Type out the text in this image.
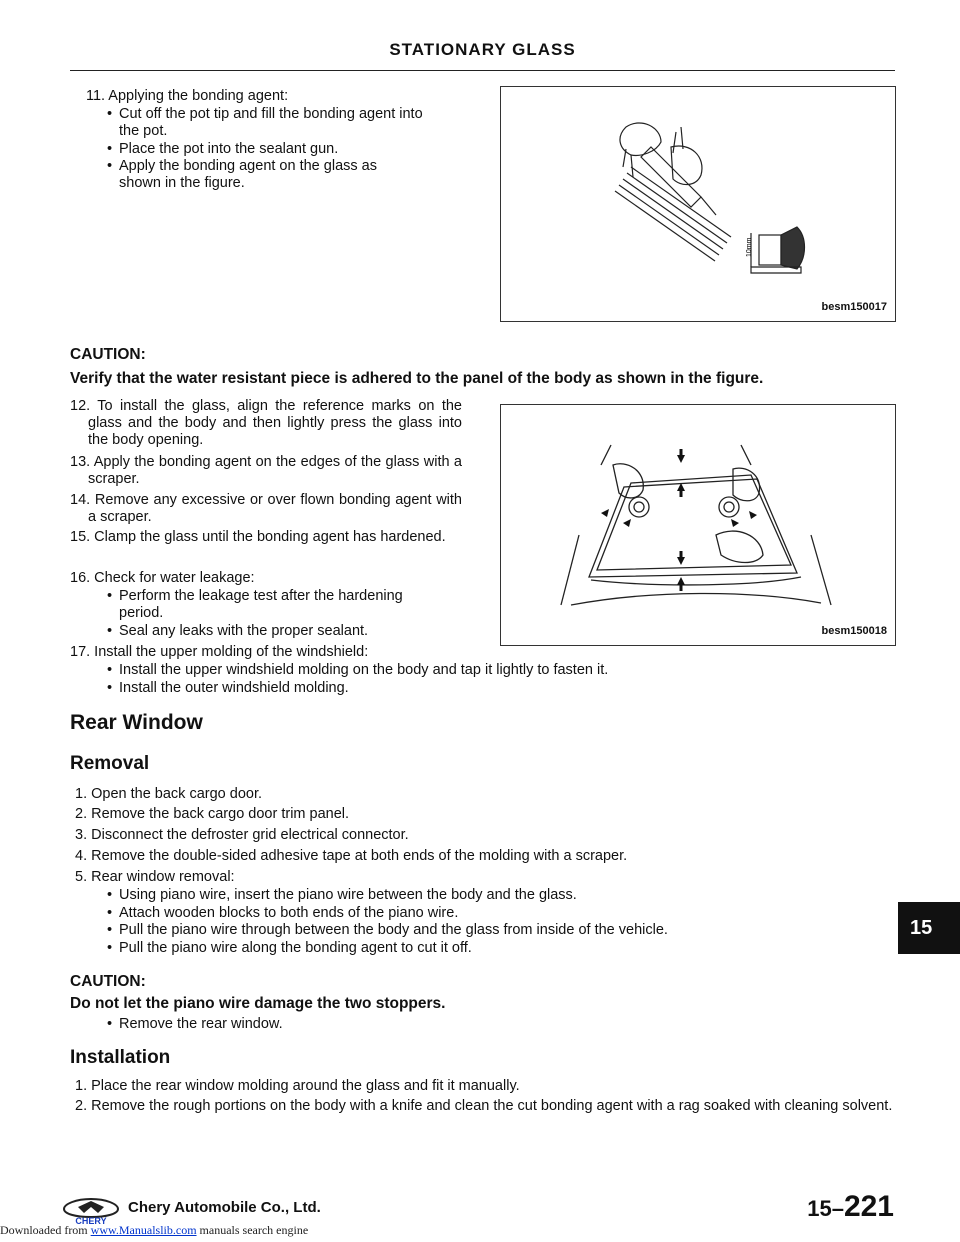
STATIONARY GLASS
10mm
besm150017
besm150018
11. Applying the bonding agent:
• Cut off the pot tip and fill the bonding agent into the pot.
• Place the pot into the sealant gun.
• Apply the bonding agent on the glass as shown in the figure.
CAUTION:
Verify that the water resistant piece is adhered to the panel of the body as shown in the figure.
12. To install the glass, align the reference marks on the glass and the body and then lightly press the glass into the body opening.
13. Apply the bonding agent on the edges of the glass with a scraper.
14. Remove any excessive or over flown bonding agent with a scraper.
15. Clamp the glass until the bonding agent has hardened.
16. Check for water leakage:
• Perform the leakage test after the hardening period.
• Seal any leaks with the proper sealant.
17. Install the upper molding of the windshield:
• Install the upper windshield molding on the body and tap it lightly to fasten it.
• Install the outer windshield molding.
Rear Window
Removal
1. Open the back cargo door.
2. Remove the back cargo door trim panel.
3. Disconnect the defroster grid electrical connector.
4. Remove the double-sided adhesive tape at both ends of the molding with a scraper.
5. Rear window removal:
• Using piano wire, insert the piano wire between the body and the glass.
• Attach wooden blocks to both ends of the piano wire.
• Pull the piano wire through between the body and the glass from inside of the vehicle.
• Pull the piano wire along the bonding agent to cut it off.
CAUTION:
Do not let the piano wire damage the two stoppers.
• Remove the rear window.
Installation
1. Place the rear window molding around the glass and fit it manually.
2. Remove the rough portions on the body with a knife and clean the cut bonding agent with a rag soaked with cleaning solvent.
15
CHERY
Chery Automobile Co., Ltd.	15–221
Downloaded from www.Manualslib.com manuals search engine
